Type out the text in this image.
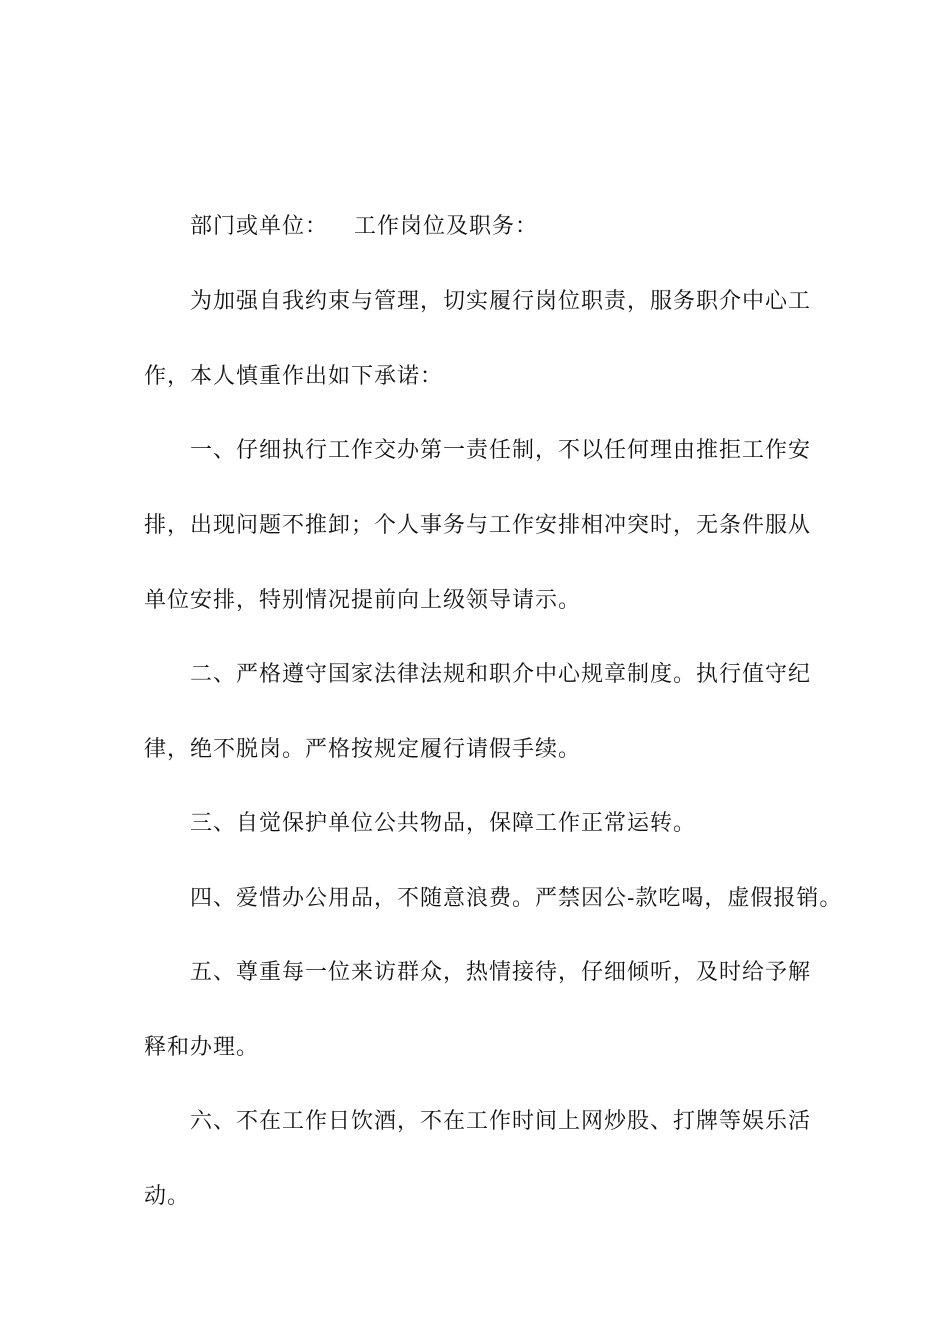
部门或单位： 工作岗位及职务：
为加强自我约束与管理，切实履行岗位职责，服务职介中心工
作，本人慎重作出如下承诺：
一、仔细执行工作交办第一责任制，不以任何理由推拒工作安
排，出现问题不推卸；个人事务与工作安排相冲突时，无条件服从
单位安排，特别情况提前向上级领导请示。
二、严格遵守国家法律法规和职介中心规章制度。执行值守纪
律，绝不脱岗。严格按规定履行请假手续。
三、自觉保护单位公共物品，保障工作正常运转。
四、爱惜办公用品，不随意浪费。严禁因公-款吃喝，虚假报销。
五、尊重每一位来访群众，热情接待，仔细倾听，及时给予解
释和办理。
六、不在工作日饮酒，不在工作时间上网炒股、打牌等娱乐活
动。
